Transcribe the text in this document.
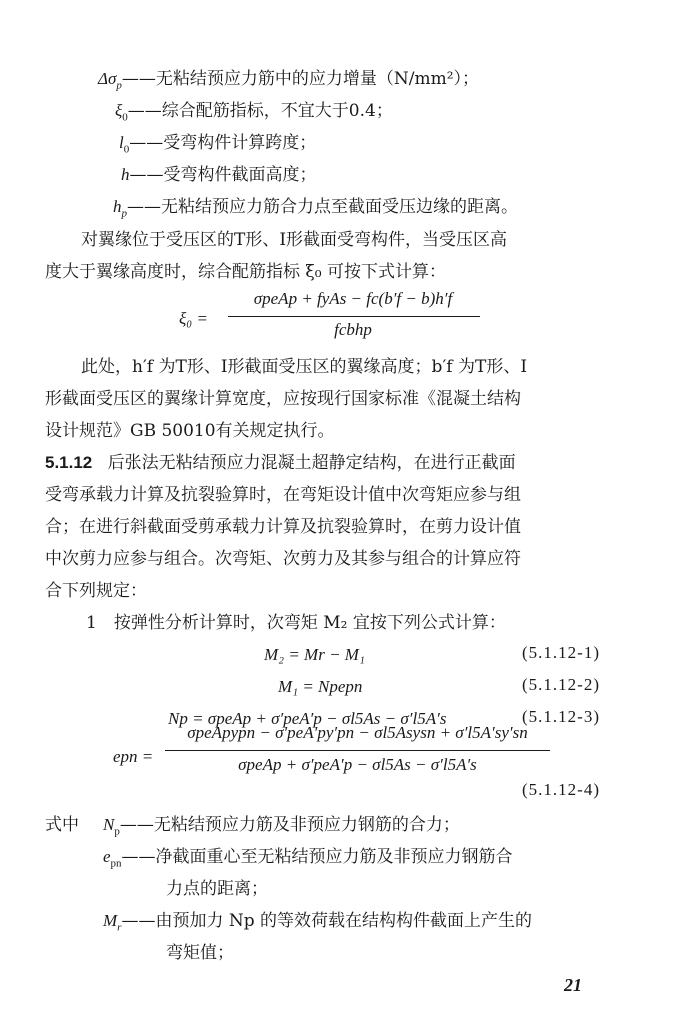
$\Delta\sigma_p——$无粘结预应力筋中的应力增量（N/mm²）；
$\xi_0——$综合配筋指标，不宜大于0.4；
$l_0——$受弯构件计算跨度；
h——受弯构件截面高度；
$h_p——$无粘结预应力筋合力点至截面受压边缘的距离。
对翼缘位于受压区的T形、I形截面受弯构件，当受压区高
度大于翼缘高度时，综合配筋指标 ξ₀ 可按下式计算：
ξ₀ =
σpeAp + fyAs − fc(b′f − b)h′f
fcbhp
此处，h′f 为T形、I形截面受压区的翼缘高度；b′f 为T形、I
形截面受压区的翼缘计算宽度，应按现行国家标准《混凝土结构
设计规范》GB 50010有关规定执行。
5.1.12 后张法无粘结预应力混凝土超静定结构，在进行正截面
受弯承载力计算及抗裂验算时，在弯矩设计值中次弯矩应参与组
合；在进行斜截面受剪承载力计算及抗裂验算时，在剪力设计值
中次剪力应参与组合。次弯矩、次剪力及其参与组合的计算应符
合下列规定：
1　按弹性分析计算时，次弯矩 M₂ 宜按下列公式计算：
M₂ = Mr − M₁	(5.1.12-1)
M₁ = Npepn	(5.1.12-2)
Np = σpeAp + σ′peA′p − σl5As − σ′l5A′s	(5.1.12-3)
epn =
σpeApypn − σ′peA′py′pn − σl5Asysn + σ′l5A′sy′sn
σpeAp + σ′peA′p − σl5As − σ′l5A′s
(5.1.12-4)
式中 $N_p——$无粘结预应力筋及非预应力钢筋的合力；
$e_{pn}——$净截面重心至无粘结预应力筋及非预应力钢筋合
力点的距离；
$M_r——$由预加力 Np 的等效荷载在结构构件截面上产生的
弯矩值；
21
